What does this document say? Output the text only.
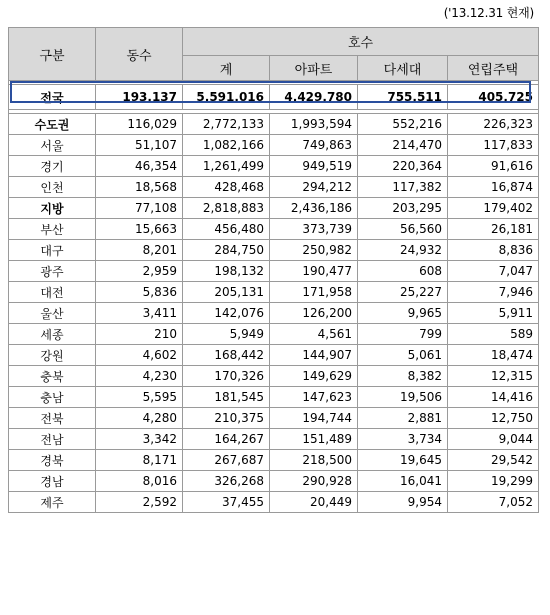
('13.12.31 현재)
구분	동수	호수			
		계	아파트	다세대	연립주택

전국	193,137	5,591,016	4,429,780	755,511	405,725

수도권	116,029	2,772,133	1,993,594	552,216	226,323
서울	51,107	1,082,166	749,863	214,470	117,833
경기	46,354	1,261,499	949,519	220,364	91,616
인천	18,568	428,468	294,212	117,382	16,874
지방	77,108	2,818,883	2,436,186	203,295	179,402
부산	15,663	456,480	373,739	56,560	26,181
대구	8,201	284,750	250,982	24,932	8,836
광주	2,959	198,132	190,477	608	7,047
대전	5,836	205,131	171,958	25,227	7,946
울산	3,411	142,076	126,200	9,965	5,911
세종	210	5,949	4,561	799	589
강원	4,602	168,442	144,907	5,061	18,474
충북	4,230	170,326	149,629	8,382	12,315
충남	5,595	181,545	147,623	19,506	14,416
전북	4,280	210,375	194,744	2,881	12,750
전남	3,342	164,267	151,489	3,734	9,044
경북	8,171	267,687	218,500	19,645	29,542
경남	8,016	326,268	290,928	16,041	19,299
제주	2,592	37,455	20,449	9,954	7,052
